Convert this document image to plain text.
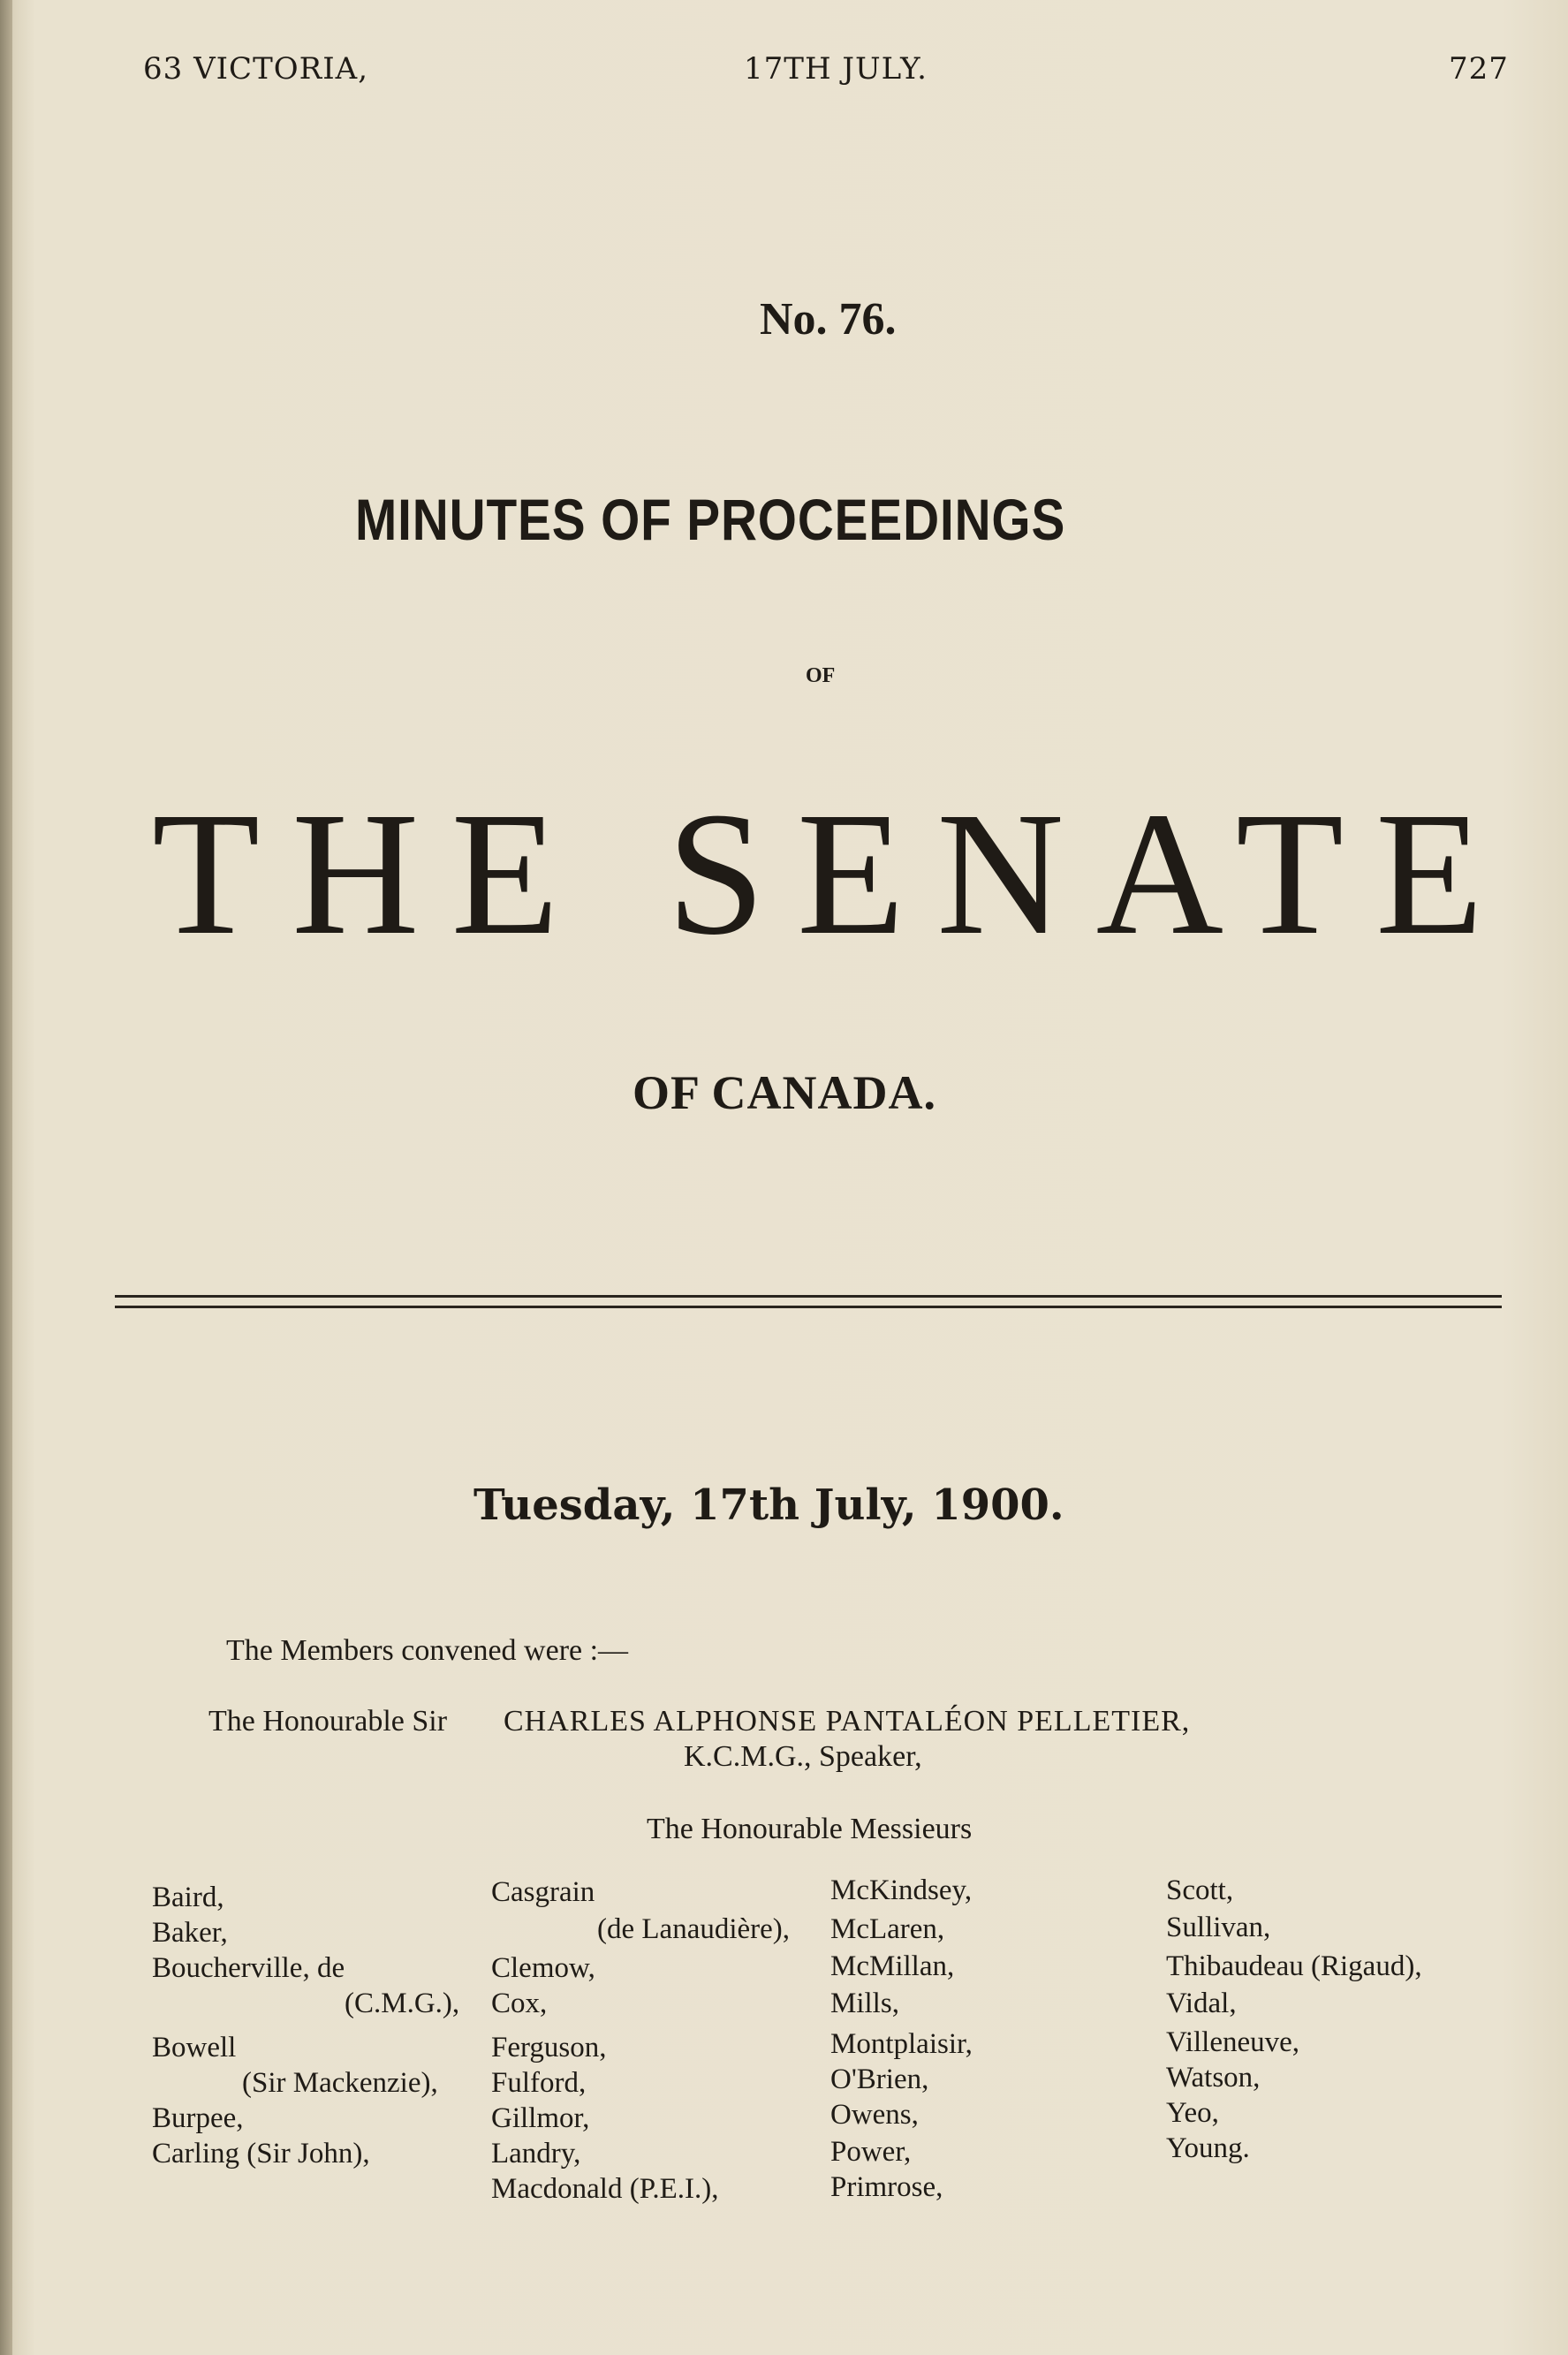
63 VICTORIA,	17TH JULY.	727
No. 76.
MINUTES OF PROCEEDINGS
OF
THE SENATE
OF CANADA.
Tuesday, 17th July, 1900.
The Members convened were :—
The Honourable Sir CHARLES ALPHONSE PANTALÉON PELLETIER,
K.C.M.G., Speaker,
The Honourable Messieurs
Baird,
Baker,
Boucherville, de
(C.M.G.),
Bowell
(Sir Mackenzie),
Burpee,
Carling (Sir John),
Casgrain
(de Lanaudière),
Clemow,
Cox,
Ferguson,
Fulford,
Gillmor,
Landry,
Macdonald (P.E.I.),
McKindsey,
McLaren,
McMillan,
Mills,
Montplaisir,
O'Brien,
Owens,
Power,
Primrose,
Scott,
Sullivan,
Thibaudeau (Rigaud),
Vidal,
Villeneuve,
Watson,
Yeo,
Young.
